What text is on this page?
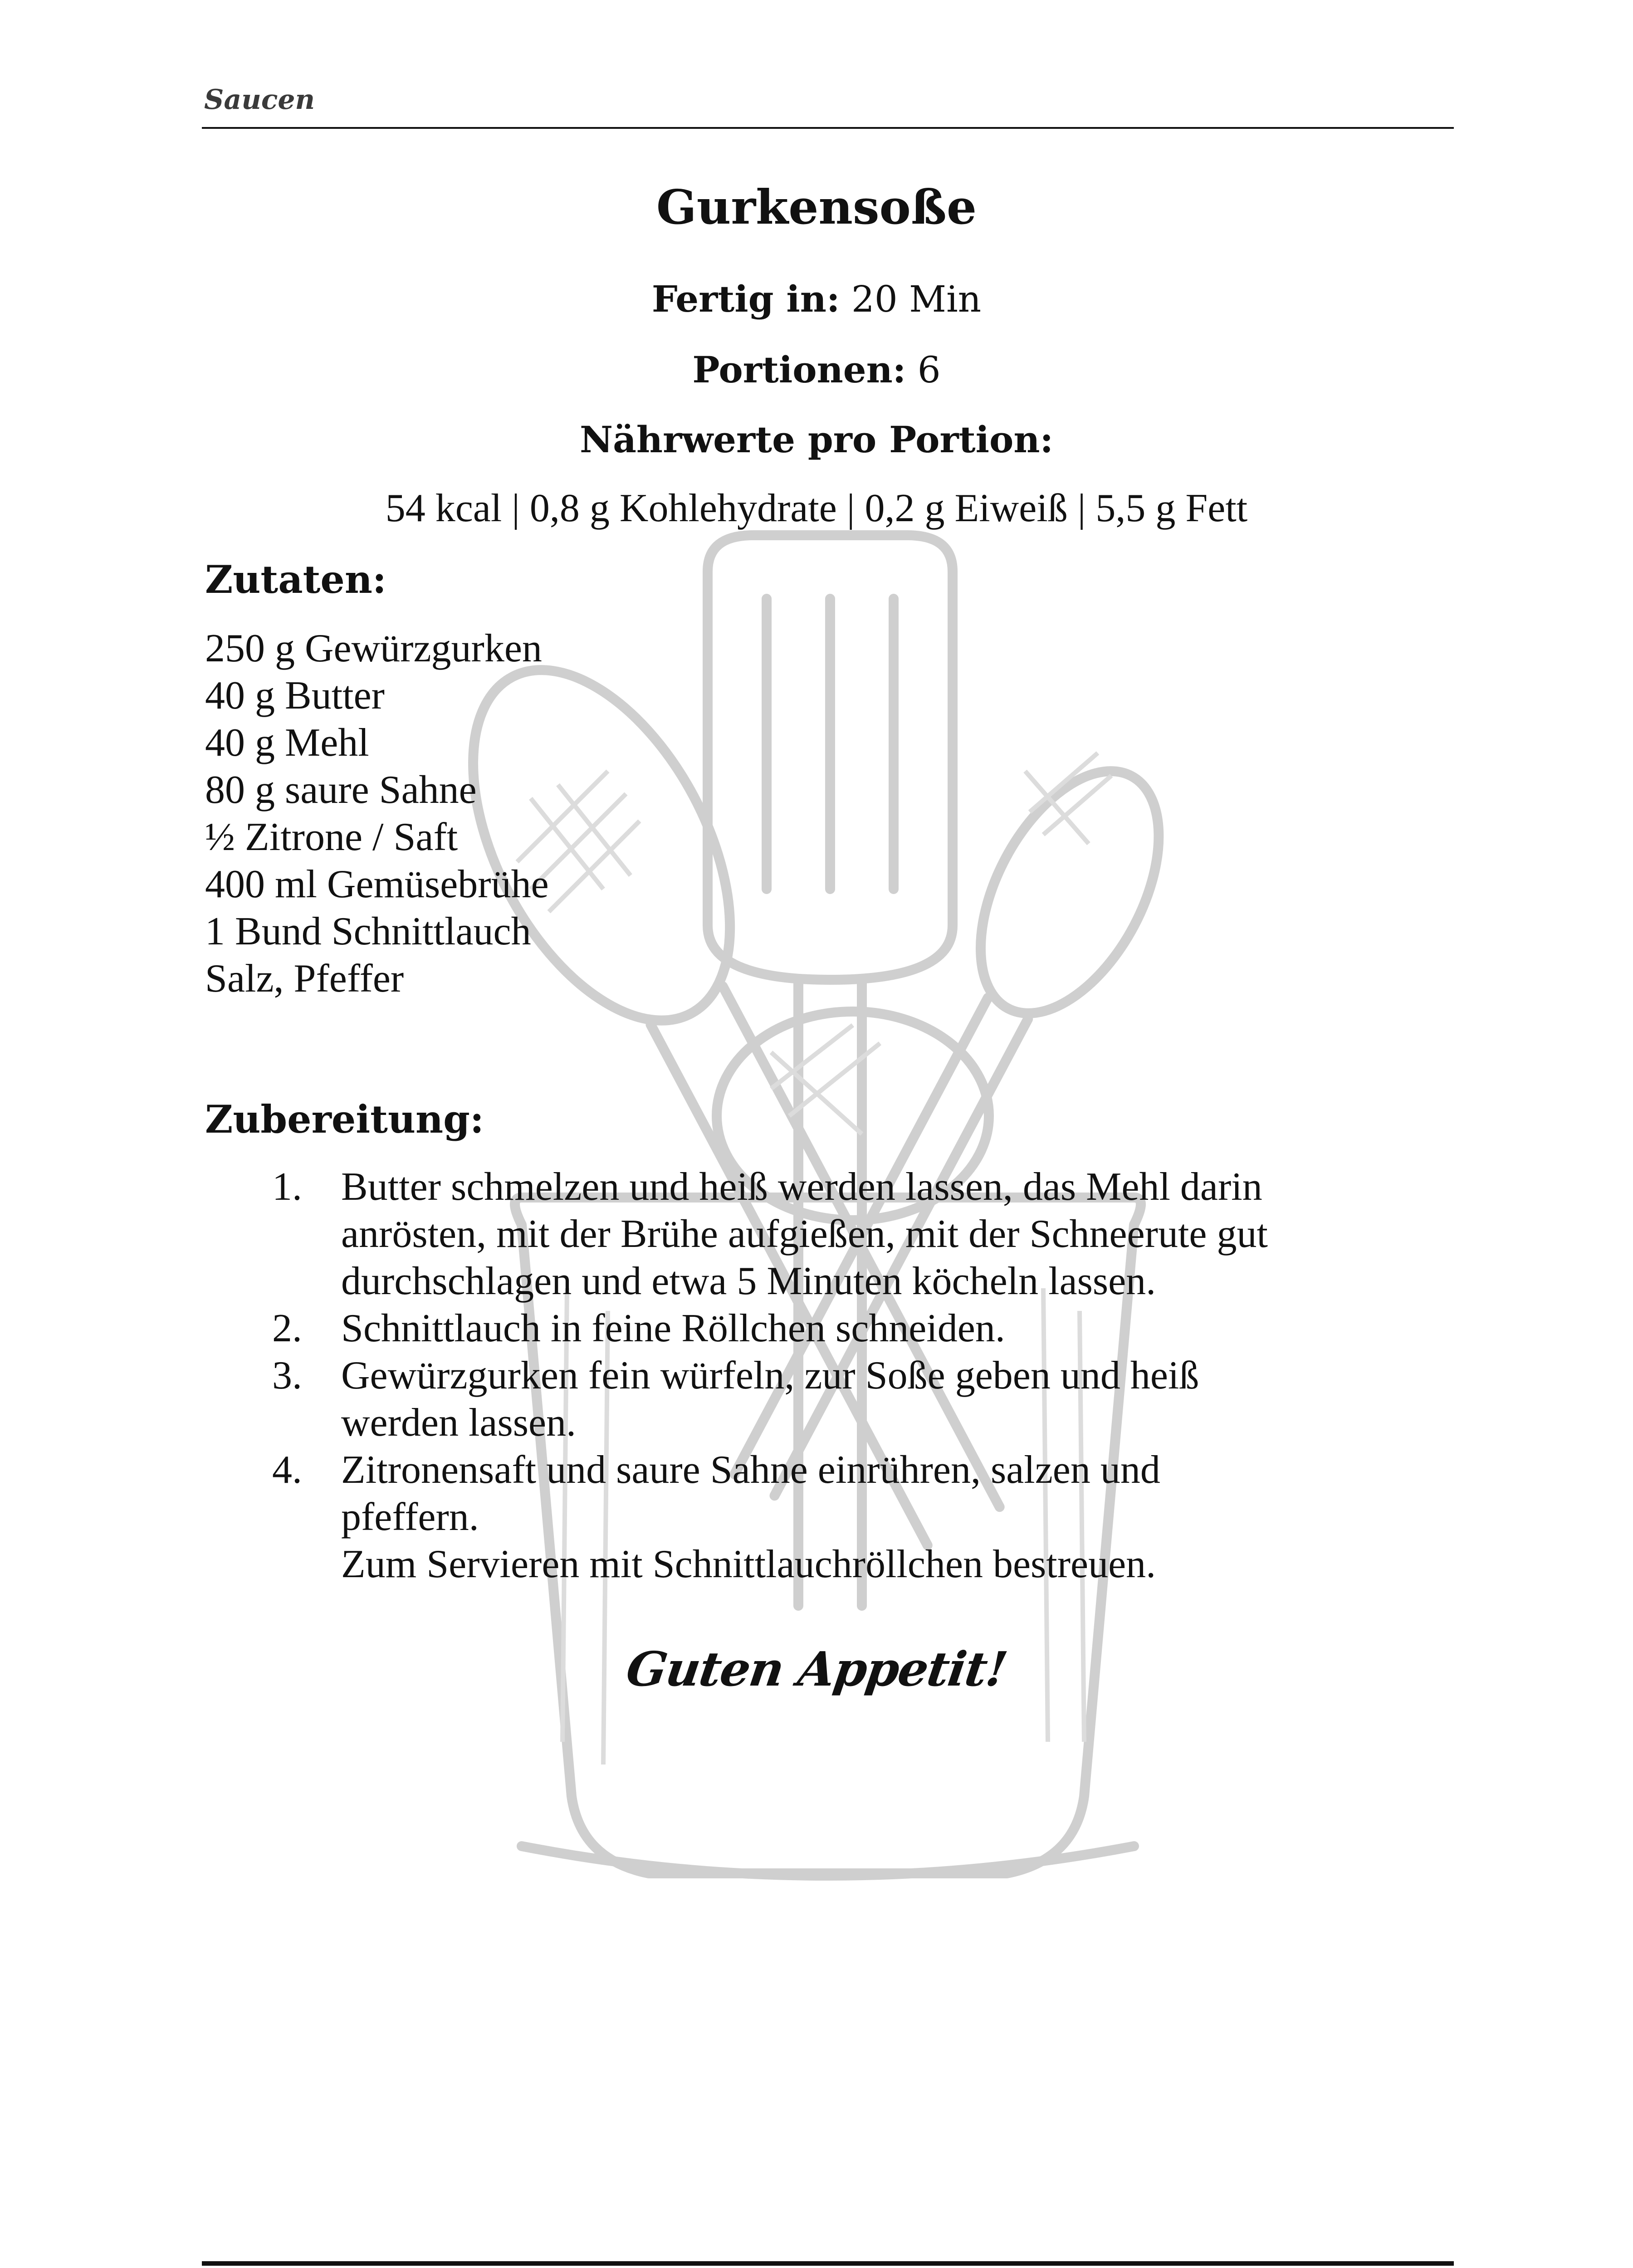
Saucen
Gurkensoße
Fertig in: 20 Min
Portionen: 6
Nährwerte pro Portion:
54 kcal | 0,8 g Kohlehydrate | 0,2 g Eiweiß | 5,5 g Fett
Zutaten:
250 g Gewürzgurken
40 g Butter
40 g Mehl
80 g saure Sahne
½ Zitrone / Saft
400 ml Gemüsebrühe
1 Bund Schnittlauch
Salz, Pfeffer
Zubereitung:
1. Butter schmelzen und heiß werden lassen, das Mehl darin
anrösten, mit der Brühe aufgießen, mit der Schneerute gut
durchschlagen und etwa 5 Minuten köcheln lassen.
2. Schnittlauch in feine Röllchen schneiden.
3. Gewürzgurken fein würfeln, zur Soße geben und heiß
werden lassen.
4. Zitronensaft und saure Sahne einrühren, salzen und
pfeffern.
Zum Servieren mit Schnittlauchröllchen bestreuen.
Guten Appetit!
